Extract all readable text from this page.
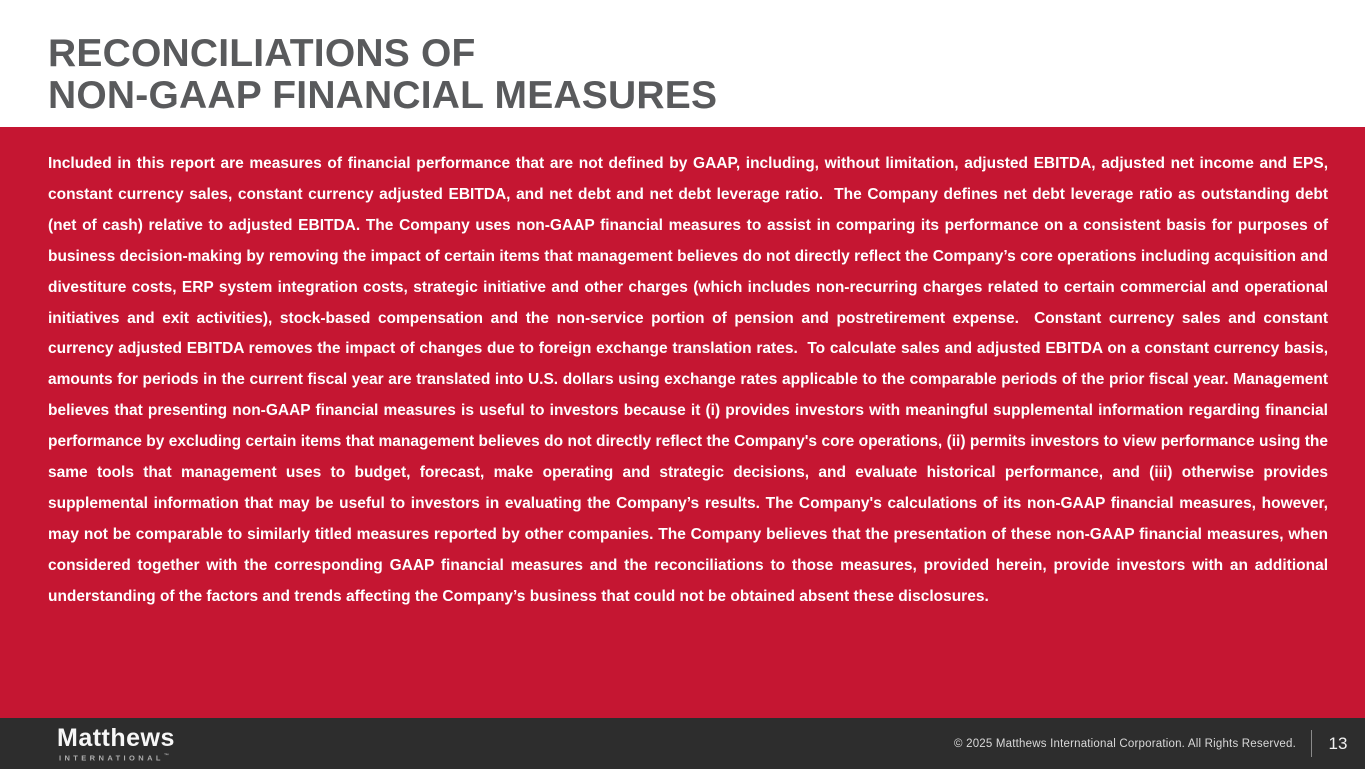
RECONCILIATIONS OF
NON-GAAP FINANCIAL MEASURES
Included in this report are measures of financial performance that are not defined by GAAP, including, without limitation, adjusted EBITDA, adjusted net income and EPS, constant currency sales, constant currency adjusted EBITDA, and net debt and net debt leverage ratio.  The Company defines net debt leverage ratio as outstanding debt (net of cash) relative to adjusted EBITDA. The Company uses non-GAAP financial measures to assist in comparing its performance on a consistent basis for purposes of business decision-making by removing the impact of certain items that management believes do not directly reflect the Company’s core operations including acquisition and divestiture costs, ERP system integration costs, strategic initiative and other charges (which includes non-recurring charges related to certain commercial and operational initiatives and exit activities), stock-based compensation and the non-service portion of pension and postretirement expense.  Constant currency sales and constant currency adjusted EBITDA removes the impact of changes due to foreign exchange translation rates.  To calculate sales and adjusted EBITDA on a constant currency basis, amounts for periods in the current fiscal year are translated into U.S. dollars using exchange rates applicable to the comparable periods of the prior fiscal year. Management believes that presenting non-GAAP financial measures is useful to investors because it (i) provides investors with meaningful supplemental information regarding financial performance by excluding certain items that management believes do not directly reflect the Company's core operations, (ii) permits investors to view performance using the same tools that management uses to budget, forecast, make operating and strategic decisions, and evaluate historical performance, and (iii) otherwise provides supplemental information that may be useful to investors in evaluating the Company’s results. The Company's calculations of its non-GAAP financial measures, however, may not be comparable to similarly titled measures reported by other companies. The Company believes that the presentation of these non-GAAP financial measures, when considered together with the corresponding GAAP financial measures and the reconciliations to those measures, provided herein, provide investors with an additional understanding of the factors and trends affecting the Company’s business that could not be obtained absent these disclosures.
Matthews
INTERNATIONAL™
© 2025 Matthews International Corporation. All Rights Reserved. 13
